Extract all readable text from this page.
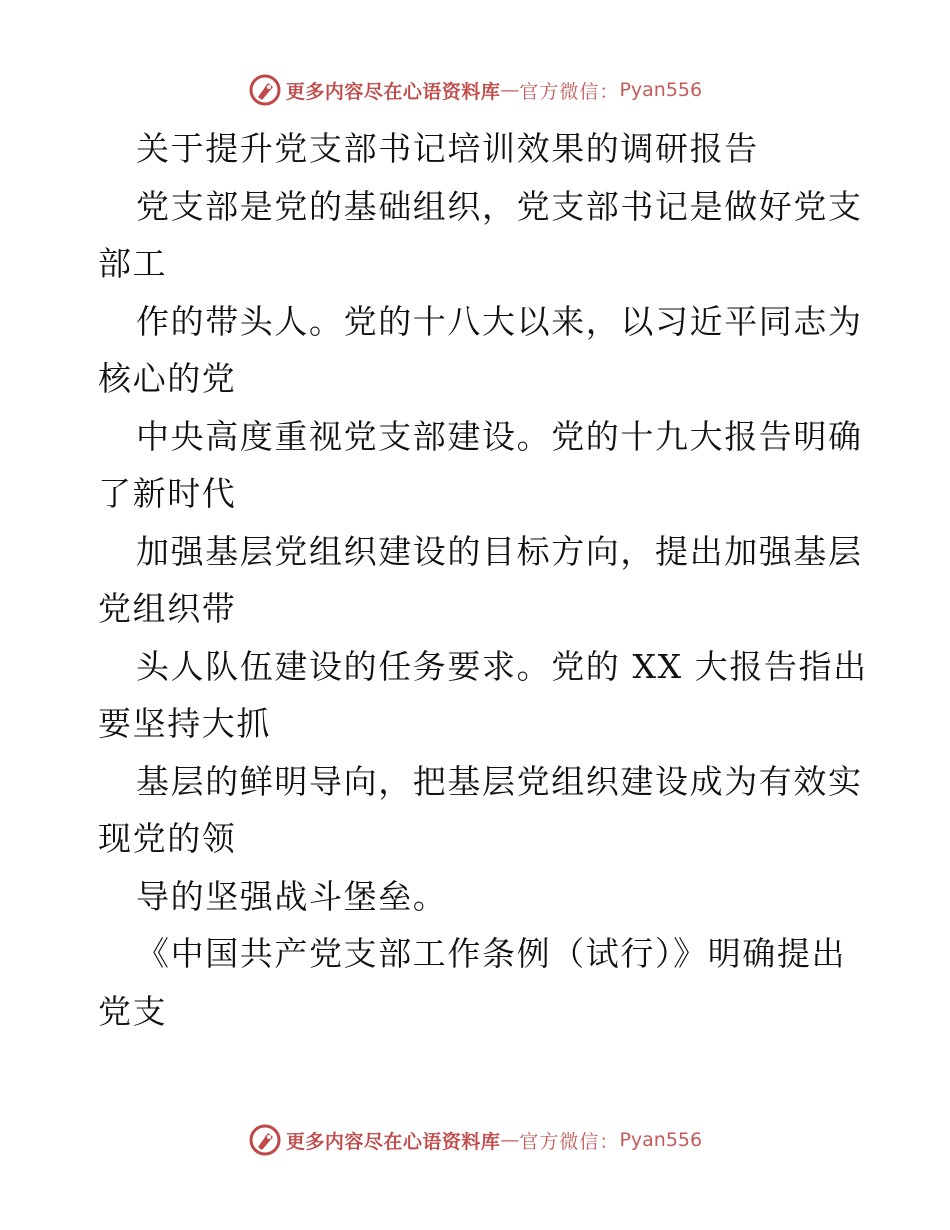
更多内容尽在心语资料库 — 官方微信： Pyan556
关于提升党支部书记培训效果的调研报告
党支部是党的基础组织，党支部书记是做好党支
部工
作的带头人。党的十八大以来，以习近平同志为
核心的党
中央高度重视党支部建设。党的十九大报告明确
了新时代
加强基层党组织建设的目标方向，提出加强基层
党组织带
头人队伍建设的任务要求。党的 XX 大报告指出
要坚持大抓
基层的鲜明导向，把基层党组织建设成为有效实
现党的领
导的坚强战斗堡垒。
《中国共产党支部工作条例（试行）》明确提出
党支
更多内容尽在心语资料库 — 官方微信： Pyan556
